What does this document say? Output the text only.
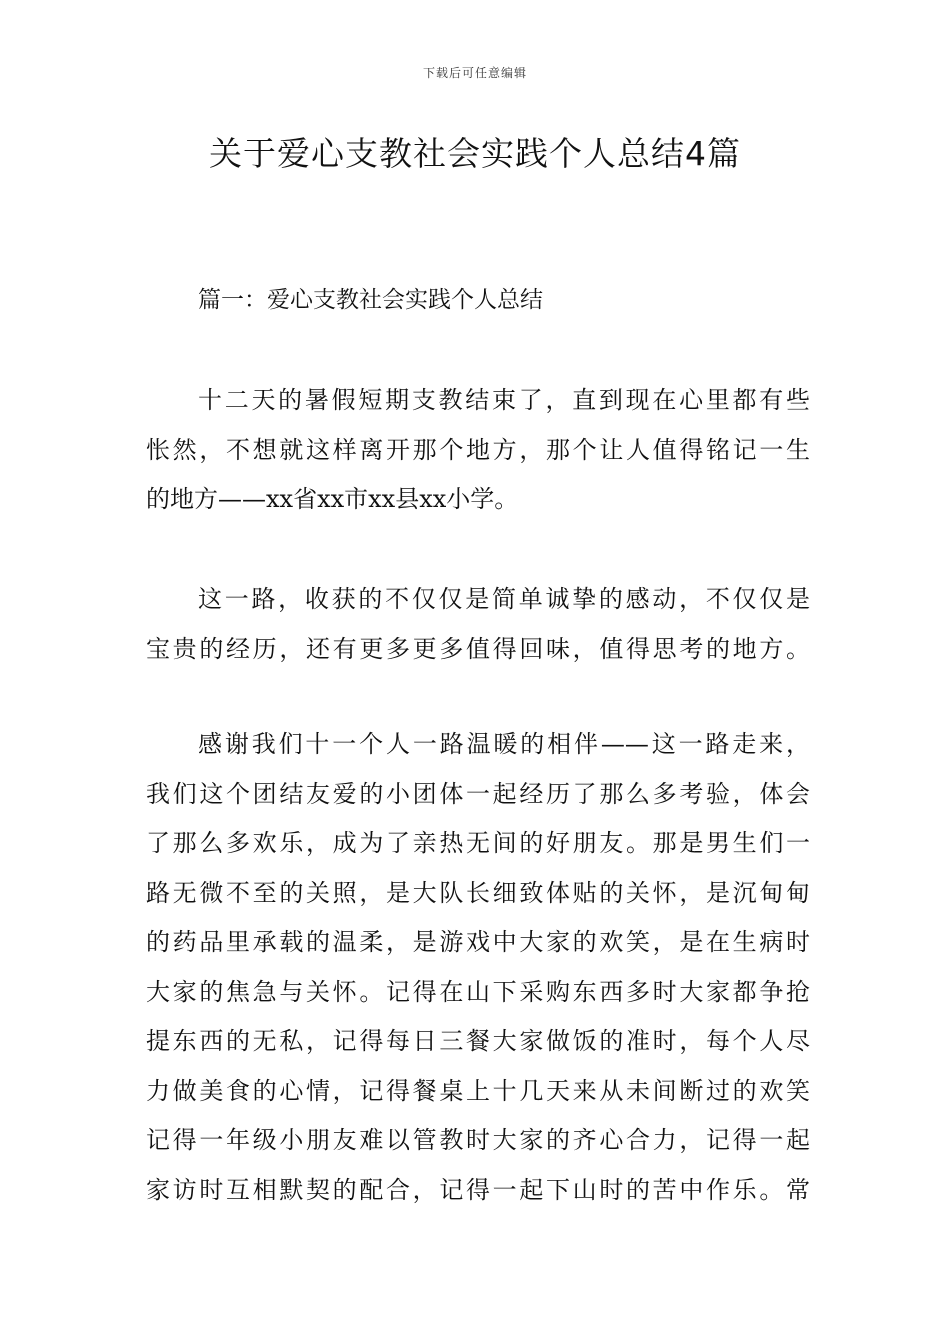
下载后可任意编辑
关于爱心支教社会实践个人总结4篇
篇一：爱心支教社会实践个人总结
十二天的暑假短期支教结束了，直到现在心里都有些
怅然，不想就这样离开那个地方，那个让人值得铭记一生
的地方——xx省xx市xx县xx小学。
这一路，收获的不仅仅是简单诚挚的感动，不仅仅是
宝贵的经历，还有更多更多值得回味，值得思考的地方。
感谢我们十一个人一路温暖的相伴——这一路走来，
我们这个团结友爱的小团体一起经历了那么多考验，体会
了那么多欢乐，成为了亲热无间的好朋友。那是男生们一
路无微不至的关照，是大队长细致体贴的关怀，是沉甸甸
的药品里承载的温柔，是游戏中大家的欢笑，是在生病时
大家的焦急与关怀。记得在山下采购东西多时大家都争抢
提东西的无私，记得每日三餐大家做饭的准时，每个人尽
力做美食的心情，记得餐桌上十几天来从未间断过的欢笑
记得一年级小朋友难以管教时大家的齐心合力，记得一起
家访时互相默契的配合，记得一起下山时的苦中作乐。常
